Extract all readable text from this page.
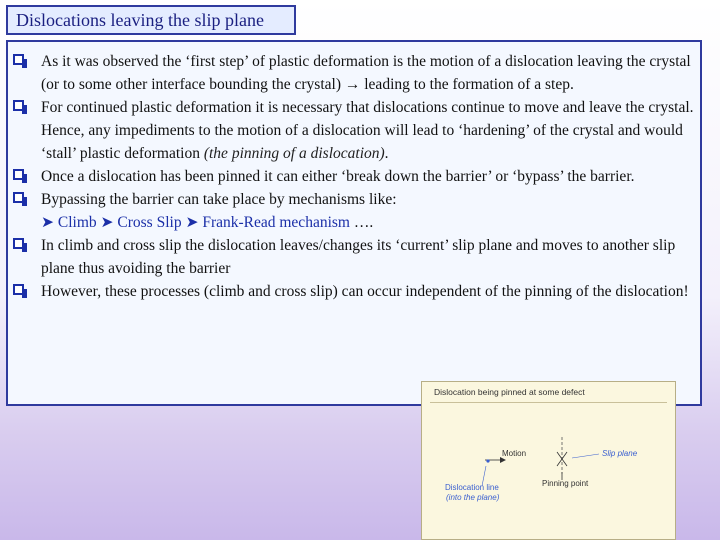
Dislocations leaving the slip plane
As it was observed the ‘first step’ of plastic deformation is the motion of a dislocation leaving the crystal (or to some other interface bounding the crystal) → leading to the formation of a step.
For continued plastic deformation it is necessary that dislocations continue to move and leave the crystal. Hence, any impediments to the motion of a dislocation will lead to ‘hardening’ of the crystal and would ‘stall’ plastic deformation (the pinning of a dislocation).
Once a dislocation has been pinned it can either ‘break down the barrier’ or ‘bypass’ the barrier.
Bypassing the barrier can take place by mechanisms like:
➤ Climb ➤ Cross Slip ➤ Frank-Read mechanism ….
In climb and cross slip the dislocation leaves/changes its ‘current’ slip plane and moves to another slip plane thus avoiding the barrier
However, these processes (climb and cross slip) can occur independent of the pinning of the dislocation!
Dislocation being pinned at some defect
Motion	Slip plane
Dislocation line
(into the plane)
Pinning point
